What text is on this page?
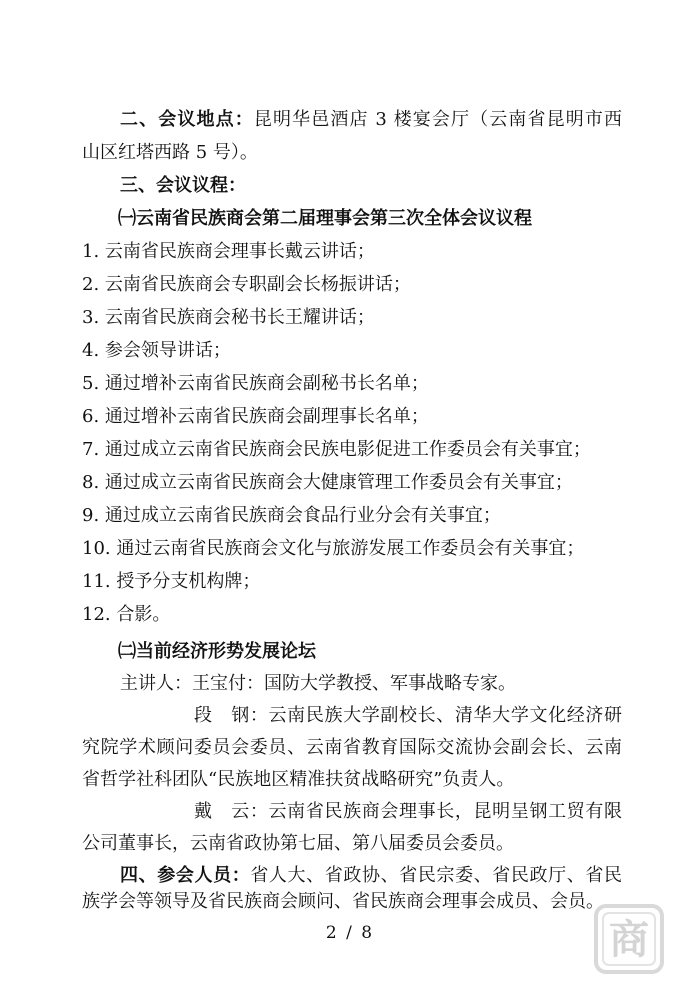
二、会议地点：昆明华邑酒店 3 楼宴会厅（云南省昆明市西
山区红塔西路 5 号）。
三、会议议程：
㈠云南省民族商会第二届理事会第三次全体会议议程
1. 云南省民族商会理事长戴云讲话；
2. 云南省民族商会专职副会长杨振讲话；
3. 云南省民族商会秘书长王耀讲话；
4. 参会领导讲话；
5. 通过增补云南省民族商会副秘书长名单；
6. 通过增补云南省民族商会副理事长名单；
7. 通过成立云南省民族商会民族电影促进工作委员会有关事宜；
8. 通过成立云南省民族商会大健康管理工作委员会有关事宜；
9. 通过成立云南省民族商会食品行业分会有关事宜；
10. 通过云南省民族商会文化与旅游发展工作委员会有关事宜；
11. 授予分支机构牌；
12. 合影。
㈡当前经济形势发展论坛
主讲人：王宝付：国防大学教授、军事战略专家。
段　钢：云南民族大学副校长、清华大学文化经济研
究院学术顾问委员会委员、云南省教育国际交流协会副会长、云南
省哲学社科团队“民族地区精准扶贫战略研究”负责人。
戴　云：云南省民族商会理事长，昆明呈钢工贸有限
公司董事长，云南省政协第七届、第八届委员会委员。
四、参会人员：省人大、省政协、省民宗委、省民政厅、省民
2 / 8	商
族学会等领导及省民族商会顾问、省民族商会理事会成员、会员。
